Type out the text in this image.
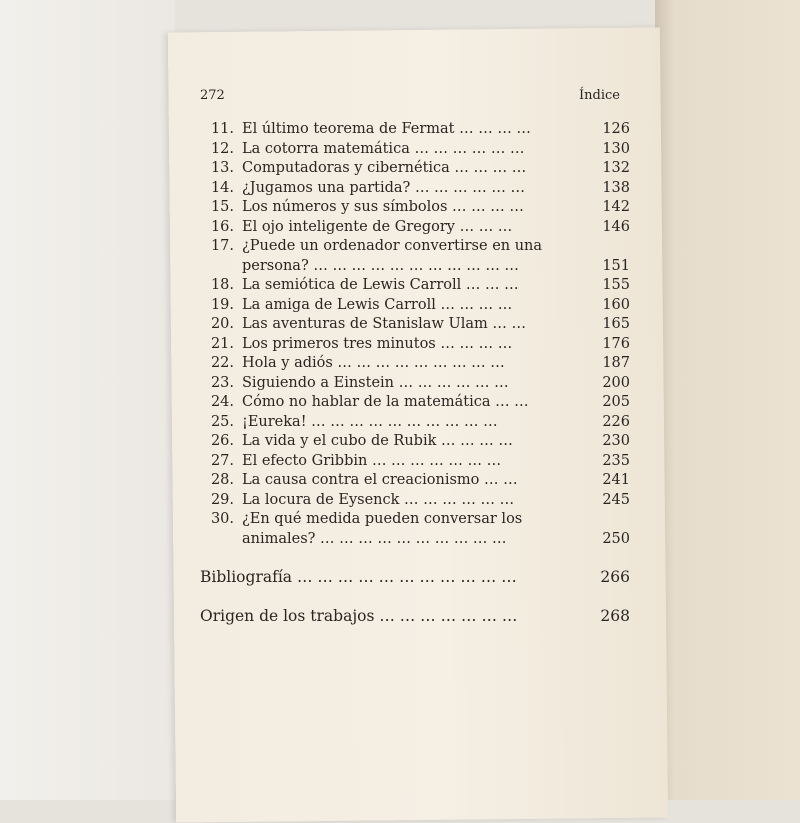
272	Índice
11. El último teorema de Fermat … … … …	126
12. La cotorra matemática … … … … … …	130
13. Computadoras y cibernética … … … …	132
14. ¿Jugamos una partida? … … … … … …	138
15. Los números y sus símbolos … … … …	142
16. El ojo inteligente de Gregory … … …	146
17. ¿Puede un ordenador convertirse en una persona? … … … … … … … … … … …	151
18. La semiótica de Lewis Carroll … … …	155
19. La amiga de Lewis Carroll … … … …	160
20. Las aventuras de Stanislaw Ulam … …	165
21. Los primeros tres minutos … … … …	176
22. Hola y adiós … … … … … … … … …	187
23. Siguiendo a Einstein … … … … … …	200
24. Cómo no hablar de la matemática … …	205
25. ¡Eureka! … … … … … … … … … …	226
26. La vida y el cubo de Rubik … … … …	230
27. El efecto Gribbin … … … … … … …	235
28. La causa contra el creacionismo … …	241
29. La locura de Eysenck … … … … … …	245
30. ¿En qué medida pueden conversar los animales? … … … … … … … … … …	250
Bibliografía … … … … … … … … … … …	266
Origen de los trabajos … … … … … … …	268
